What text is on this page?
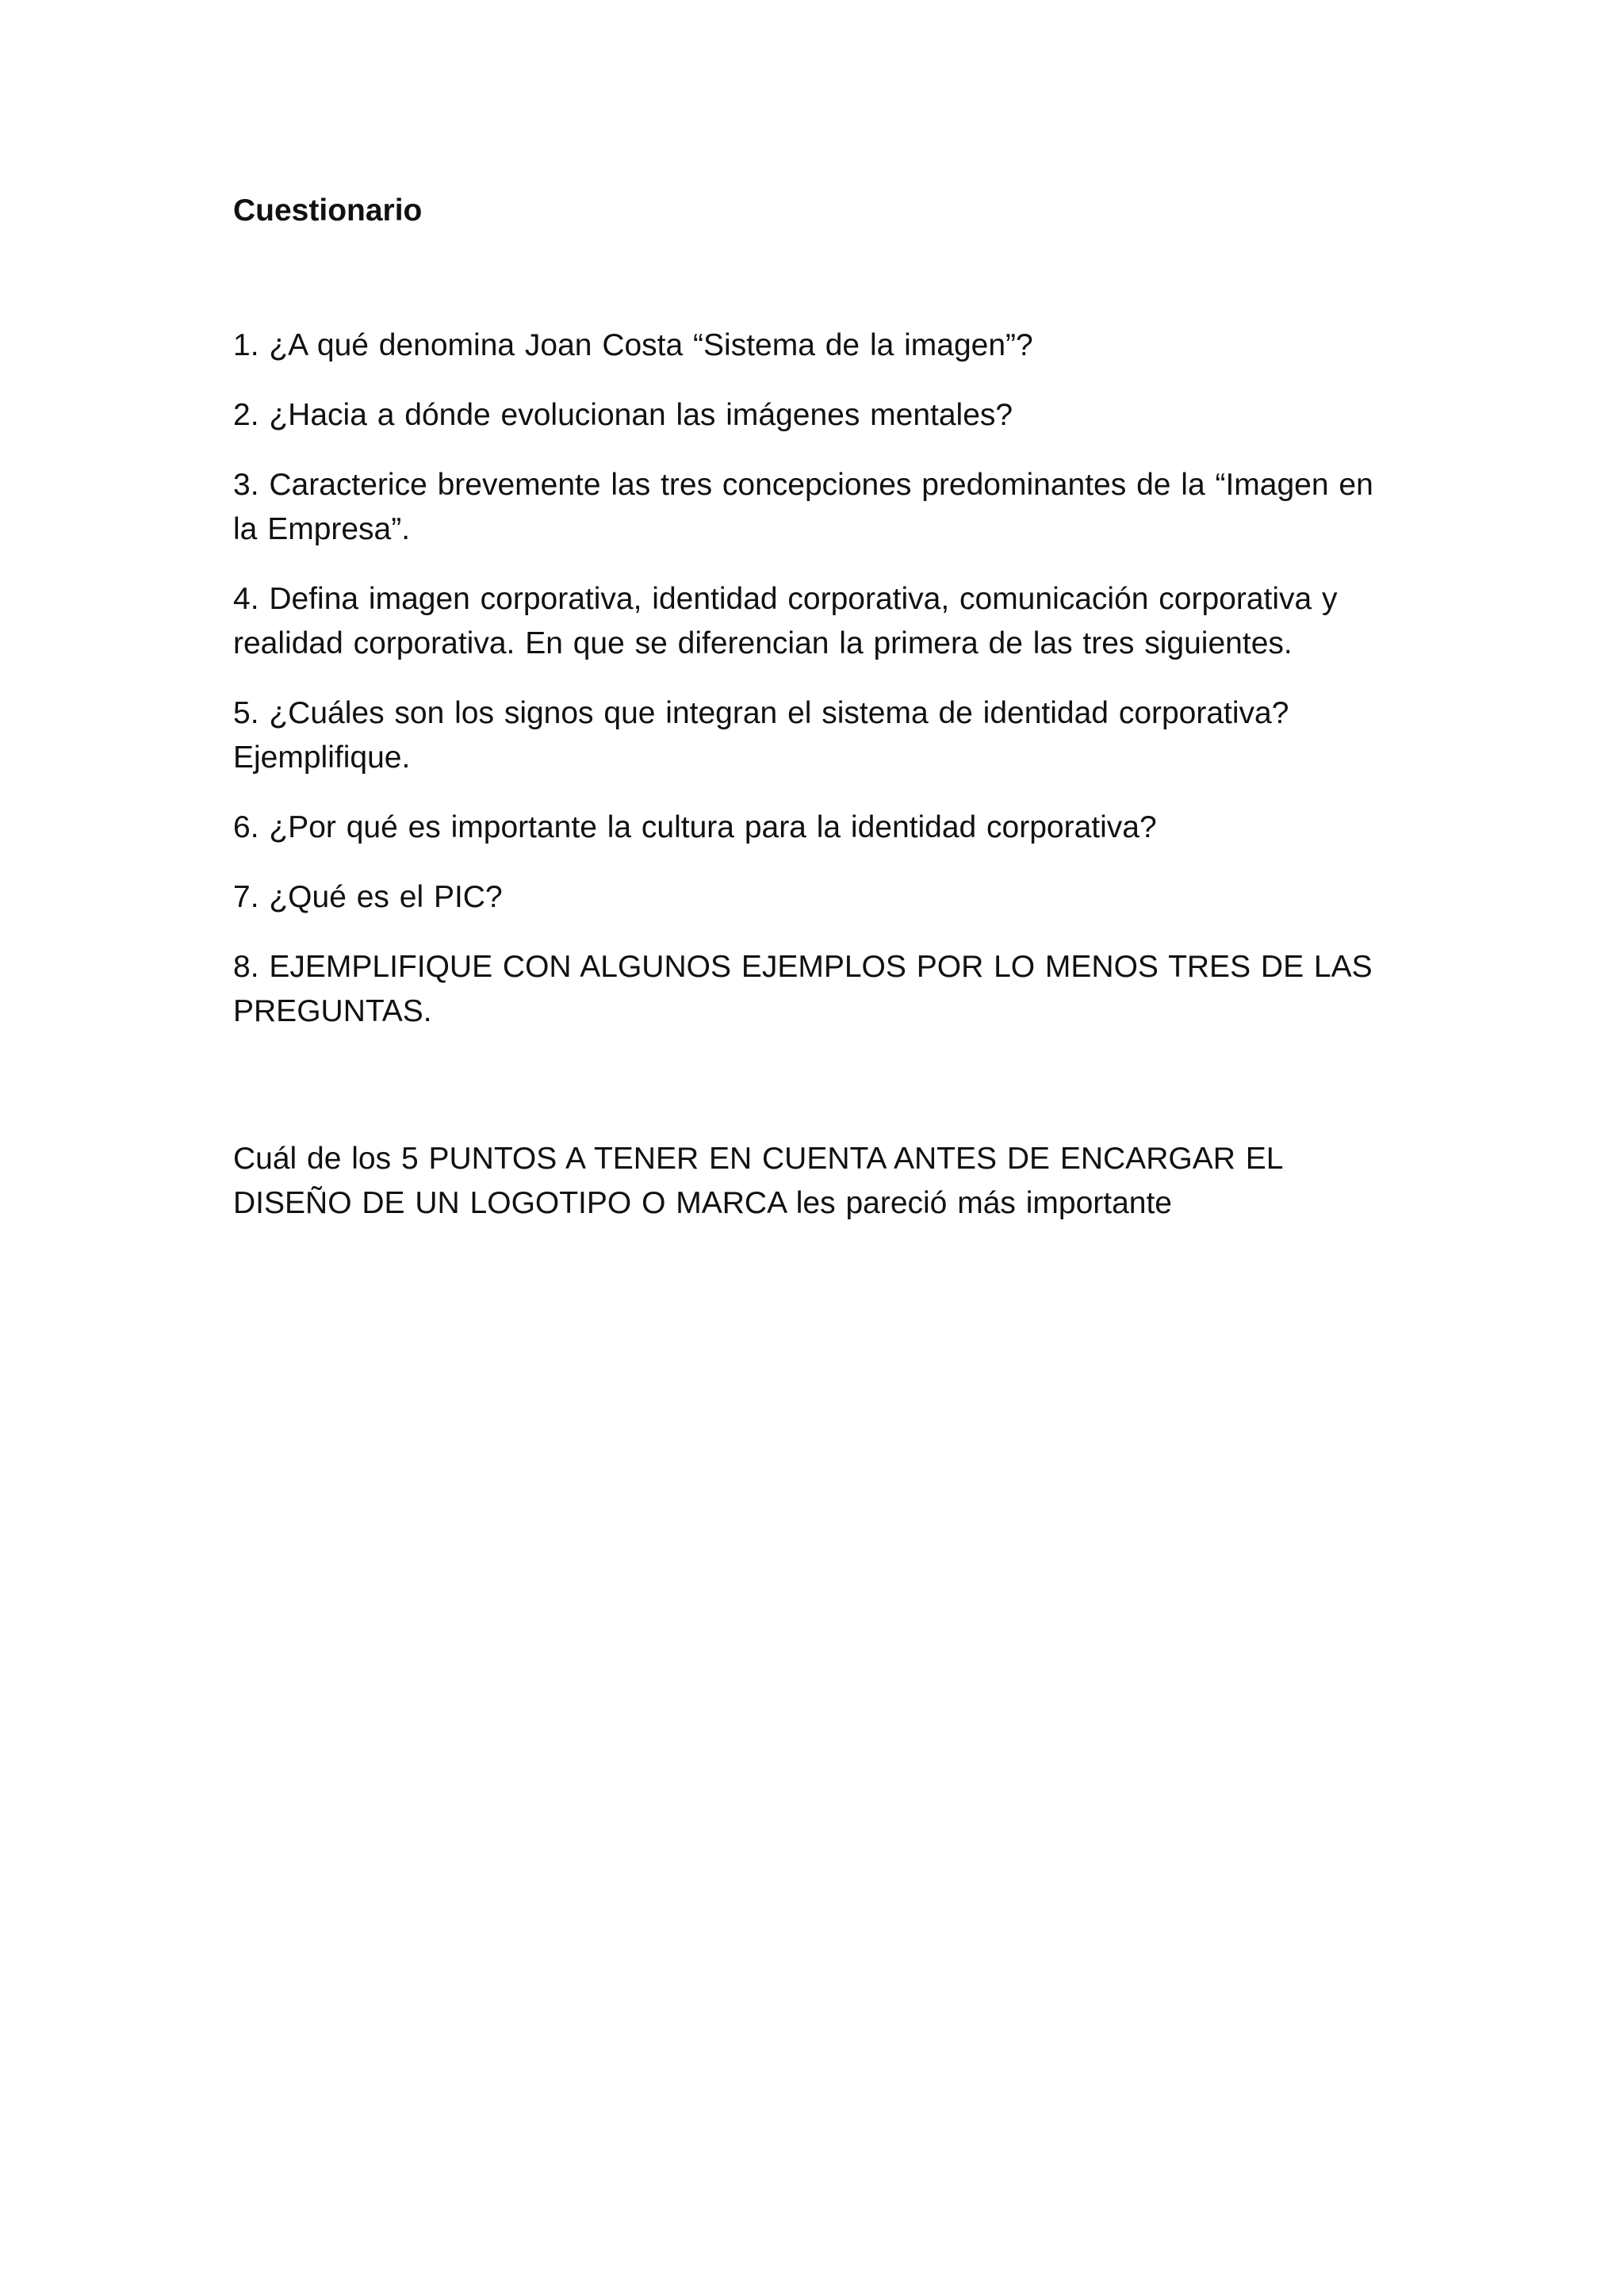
Cuestionario
1. ¿A qué denomina Joan Costa “Sistema de la imagen”?
2. ¿Hacia a dónde evolucionan las imágenes mentales?
3. Caracterice brevemente las tres concepciones predominantes de la “Imagen en la Empresa”.
4. Defina imagen corporativa, identidad corporativa, comunicación corporativa y realidad corporativa. En que se diferencian la primera de las tres siguientes.
5. ¿Cuáles son los signos que integran el sistema de identidad corporativa? Ejemplifique.
6. ¿Por qué es importante la cultura para la identidad corporativa?
7. ¿Qué es el PIC?
8. EJEMPLIFIQUE CON ALGUNOS EJEMPLOS POR LO MENOS TRES DE LAS PREGUNTAS.

Cuál de los 5 PUNTOS A TENER EN CUENTA ANTES DE ENCARGAR EL DISEÑO DE UN LOGOTIPO O MARCA les pareció más importante
